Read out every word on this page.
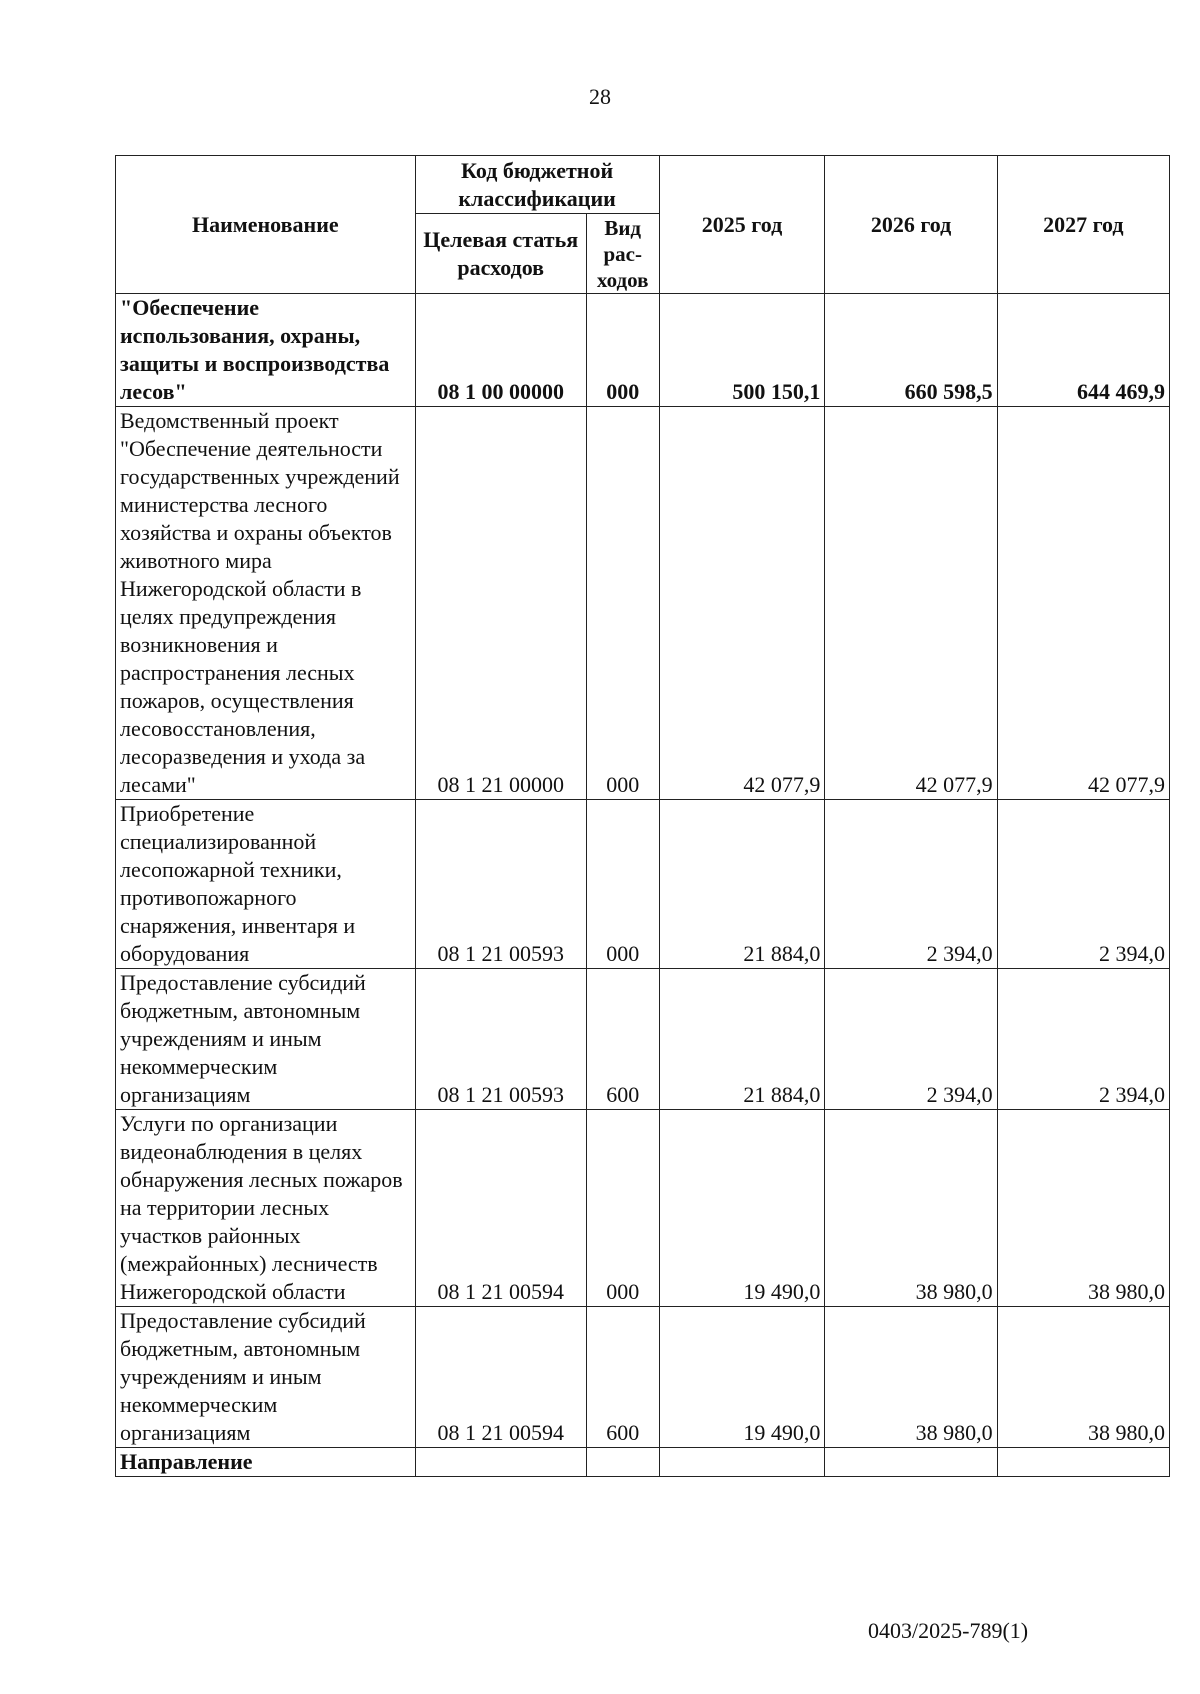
28
Наименование	Код бюджетной классификации		2025 год	2026 год	2027 год
	Целевая статья расходов	Вид рас-ходов			
"Обеспечение использования, охраны, защиты и воспроизводства лесов"	08 1 00 00000	000	500 150,1	660 598,5	644 469,9
Ведомственный проект "Обеспечение деятельности государственных учреждений министерства лесного хозяйства и охраны объектов животного мира Нижегородской области в целях предупреждения возникновения и распространения лесных пожаров, осуществления лесовосстановления, лесоразведения и ухода за лесами"	08 1 21 00000	000	42 077,9	42 077,9	42 077,9
Приобретение специализированной лесопожарной техники, противопожарного снаряжения, инвентаря и оборудования	08 1 21 00593	000	21 884,0	2 394,0	2 394,0
Предоставление субсидий бюджетным, автономным учреждениям и иным некоммерческим организациям	08 1 21 00593	600	21 884,0	2 394,0	2 394,0
Услуги по организации видеонаблюдения в целях обнаружения лесных пожаров на территории лесных участков районных (межрайонных) лесничеств Нижегородской области	08 1 21 00594	000	19 490,0	38 980,0	38 980,0
Предоставление субсидий бюджетным, автономным учреждениям и иным некоммерческим организациям	08 1 21 00594	600	19 490,0	38 980,0	38 980,0
Направление					
0403/2025-789(1)
